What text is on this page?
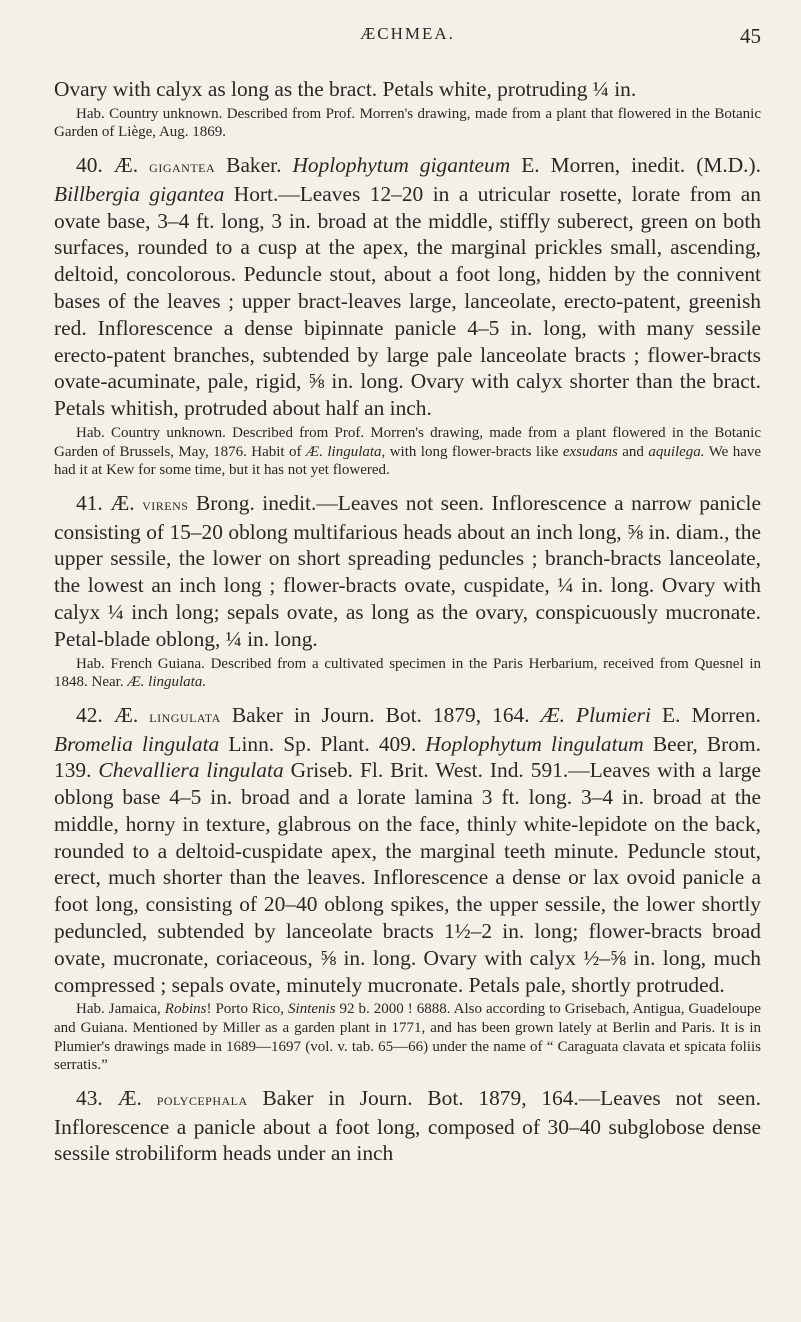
ÆCHMEA.	45

Ovary with calyx as long as the bract. Petals white, protruding ¼ in.

Hab. Country unknown. Described from Prof. Morren's drawing, made from a plant that flowered in the Botanic Garden of Liège, Aug. 1869.

40. Æ. gigantea Baker. Hoplophytum giganteum E. Morren, inedit. (M.D.). Billbergia gigantea Hort.—Leaves 12–20 in a utricular rosette, lorate from an ovate base, 3–4 ft. long, 3 in. broad at the middle, stiffly suberect, green on both surfaces, rounded to a cusp at the apex, the marginal prickles small, ascending, deltoid, concolorous. Peduncle stout, about a foot long, hidden by the connivent bases of the leaves ; upper bract-leaves large, lanceolate, erecto-patent, greenish red. Inflorescence a dense bipinnate panicle 4–5 in. long, with many sessile erecto-patent branches, subtended by large pale lanceolate bracts ; flower-bracts ovate-acuminate, pale, rigid, ⅝ in. long. Ovary with calyx shorter than the bract. Petals whitish, protruded about half an inch.

Hab. Country unknown. Described from Prof. Morren's drawing, made from a plant flowered in the Botanic Garden of Brussels, May, 1876. Habit of Æ. lingulata, with long flower-bracts like exsudans and aquilega. We have had it at Kew for some time, but it has not yet flowered.

41. Æ. virens Brong. inedit.—Leaves not seen. Inflorescence a narrow panicle consisting of 15–20 oblong multifarious heads about an inch long, ⅝ in. diam., the upper sessile, the lower on short spreading peduncles ; branch-bracts lanceolate, the lowest an inch long ; flower-bracts ovate, cuspidate, ¼ in. long. Ovary with calyx ¼ inch long; sepals ovate, as long as the ovary, conspicuously mucronate. Petal-blade oblong, ¼ in. long.

Hab. French Guiana. Described from a cultivated specimen in the Paris Herbarium, received from Quesnel in 1848. Near. Æ. lingulata.

42. Æ. lingulata Baker in Journ. Bot. 1879, 164. Æ. Plumieri E. Morren. Bromelia lingulata Linn. Sp. Plant. 409. Hoplophytum lingulatum Beer, Brom. 139. Chevalliera lingulata Griseb. Fl. Brit. West. Ind. 591.—Leaves with a large oblong base 4–5 in. broad and a lorate lamina 3 ft. long. 3–4 in. broad at the middle, horny in texture, glabrous on the face, thinly white-lepidote on the back, rounded to a deltoid-cuspidate apex, the marginal teeth minute. Peduncle stout, erect, much shorter than the leaves. Inflorescence a dense or lax ovoid panicle a foot long, consisting of 20–40 oblong spikes, the upper sessile, the lower shortly peduncled, subtended by lanceolate bracts 1½–2 in. long; flower-bracts broad ovate, mucronate, coriaceous, ⅝ in. long. Ovary with calyx ½–⅝ in. long, much compressed ; sepals ovate, minutely mucronate. Petals pale, shortly protruded.

Hab. Jamaica, Robins! Porto Rico, Sintenis 92 b. 2000 ! 6888. Also according to Grisebach, Antigua, Guadeloupe and Guiana. Mentioned by Miller as a garden plant in 1771, and has been grown lately at Berlin and Paris. It is in Plumier's drawings made in 1689—1697 (vol. v. tab. 65—66) under the name of “ Caraguata clavata et spicata foliis serratis.”

43. Æ. polycephala Baker in Journ. Bot. 1879, 164.—Leaves not seen. Inflorescence a panicle about a foot long, composed of 30–40 subglobose dense sessile strobiliform heads under an inch
